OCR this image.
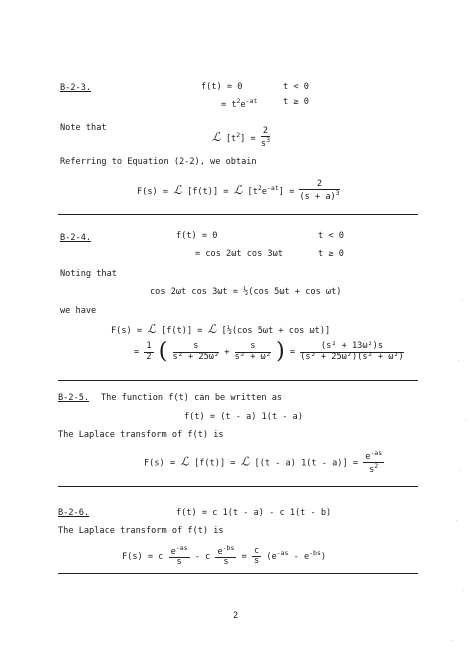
B-2-3.	f(t) = 0	t < 0
= $t^2e^{-at}$	t ≥ 0
Note that
ℒ $[t^2] = \frac{2}{s^3}$
Referring to Equation (2-2), we obtain
F(s) = ℒ [f(t)] = ℒ $[t^2e^{-at}] = \frac{2}{(s + a)^3}$
B-2-4.	f(t) = 0	t < 0
= cos 2ωt cos 3ωt	t ≥ 0
Noting that
cos 2ωt cos 3ωt = ½(cos 5ωt + cos ωt)
we have
F(s) = ℒ [f(t)] = ℒ [½(cos 5ωt + cos ωt)]
= $\frac{1}{2}$ ( $\frac{s}{\text{s² + 25ω²}} + \frac{s}{\text{s² + ω²}}$ ) = $\frac{\text{(s² + 13ω²)s}}{\text{(s² + 25ω²)(s² + ω²)}}$
B-2-5. The function f(t) can be written as
f(t) = (t - a) 1(t - a)
The Laplace transform of f(t) is
F(s) = ℒ [f(t)] = ℒ [(t - a) $1(t - a)] = \frac{e^{-as}}{s^2}$
B-2-6.	f(t) = c 1(t - a) - c 1(t - b)
The Laplace transform of f(t) is
F(s) = c $\frac{e^{-as}}{s} - c \frac{e^{-bs}}{s} = \frac{c}{s} (e^{-as} - e^{-bs})$
2
